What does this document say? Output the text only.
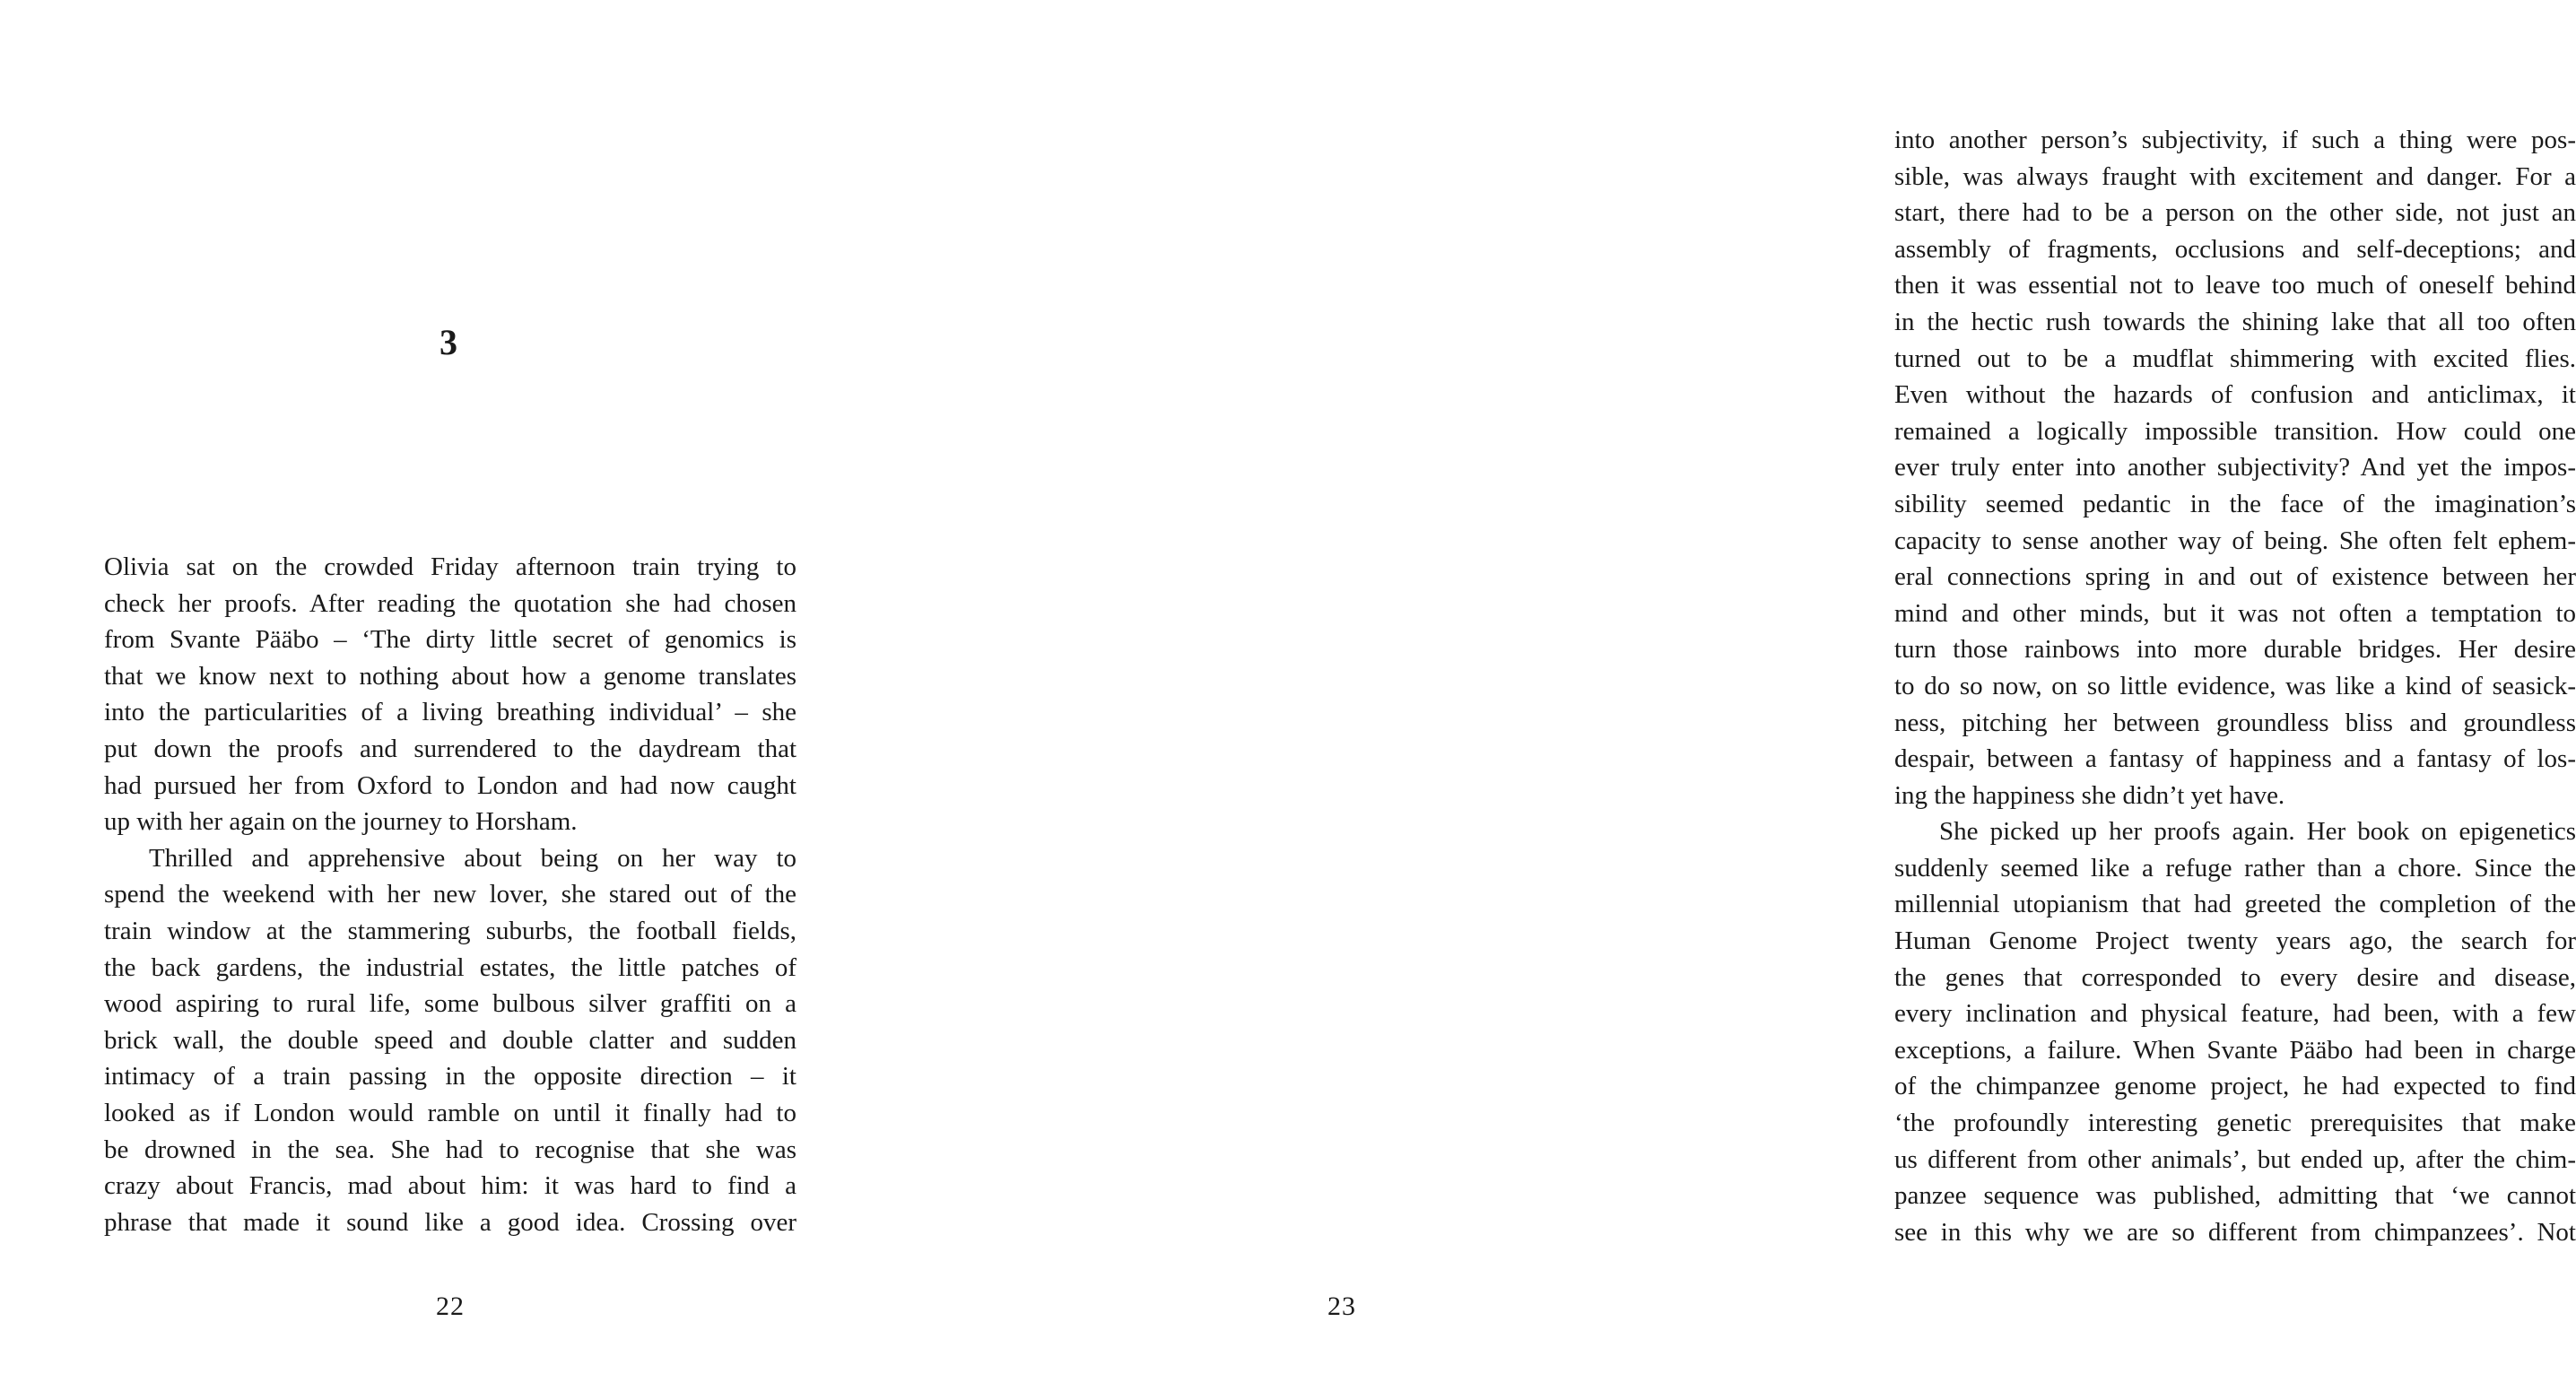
3
Olivia sat on the crowded Friday afternoon train trying to
check her proofs. After reading the quotation she had chosen
from Svante Pääbo – ‘The dirty little secret of genomics is
that we know next to nothing about how a genome translates
into the particularities of a living breathing individual’ – she
put down the proofs and surrendered to the daydream that
had pursued her from Oxford to London and had now caught
up with her again on the journey to Horsham.
Thrilled and apprehensive about being on her way to
spend the weekend with her new lover, she stared out of the
train window at the stammering suburbs, the football fields,
the back gardens, the industrial estates, the little patches of
wood aspiring to rural life, some bulbous silver graffiti on a
brick wall, the double speed and double clatter and sudden
intimacy of a train passing in the opposite direction – it
looked as if London would ramble on until it finally had to
be drowned in the sea. She had to recognise that she was
crazy about Francis, mad about him: it was hard to find a
phrase that made it sound like a good idea. Crossing over
22
into another person’s subjectivity, if such a thing were pos-
sible, was always fraught with excitement and danger. For a
start, there had to be a person on the other side, not just an
assembly of fragments, occlusions and self-deceptions; and
then it was essential not to leave too much of oneself behind
in the hectic rush towards the shining lake that all too often
turned out to be a mudflat shimmering with excited flies.
Even without the hazards of confusion and anticlimax, it
remained a logically impossible transition. How could one
ever truly enter into another subjectivity? And yet the impos-
sibility seemed pedantic in the face of the imagination’s
capacity to sense another way of being. She often felt ephem-
eral connections spring in and out of existence between her
mind and other minds, but it was not often a temptation to
turn those rainbows into more durable bridges. Her desire
to do so now, on so little evidence, was like a kind of seasick-
ness, pitching her between groundless bliss and groundless
despair, between a fantasy of happiness and a fantasy of los-
ing the happiness she didn’t yet have.
She picked up her proofs again. Her book on epigenetics
suddenly seemed like a refuge rather than a chore. Since the
millennial utopianism that had greeted the completion of the
Human Genome Project twenty years ago, the search for
the genes that corresponded to every desire and disease,
every inclination and physical feature, had been, with a few
exceptions, a failure. When Svante Pääbo had been in charge
of the chimpanzee genome project, he had expected to find
‘the profoundly interesting genetic prerequisites that make
us different from other animals’, but ended up, after the chim-
panzee sequence was published, admitting that ‘we cannot
see in this why we are so different from chimpanzees’. Not
23
